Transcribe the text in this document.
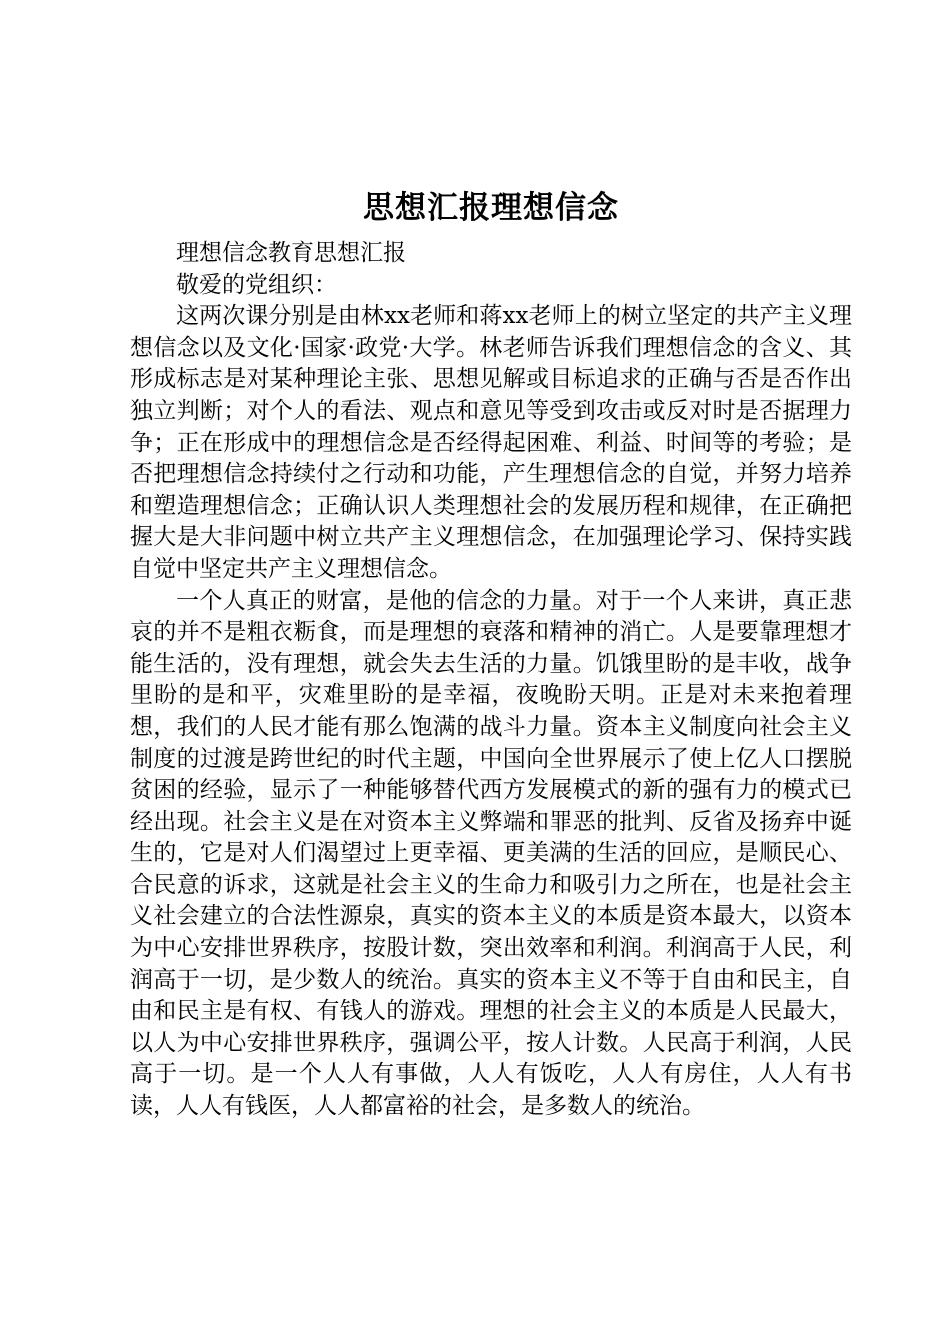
思想汇报理想信念

理想信念教育思想汇报

敬爱的党组织：

这两次课分别是由林xx老师和蒋xx老师上的树立坚定的共产主义理想信念以及文化·国家·政党·大学。林老师告诉我们理想信念的含义、其形成标志是对某种理论主张、思想见解或目标追求的正确与否是否作出独立判断；对个人的看法、观点和意见等受到攻击或反对时是否据理力争；正在形成中的理想信念是否经得起困难、利益、时间等的考验；是否把理想信念持续付之行动和功能，产生理想信念的自觉，并努力培养和塑造理想信念；正确认识人类理想社会的发展历程和规律，在正确把握大是大非问题中树立共产主义理想信念，在加强理论学习、保持实践自觉中坚定共产主义理想信念。

一个人真正的财富，是他的信念的力量。对于一个人来讲，真正悲哀的并不是粗衣粝食，而是理想的衰落和精神的消亡。人是要靠理想才能生活的，没有理想，就会失去生活的力量。饥饿里盼的是丰收，战争里盼的是和平，灾难里盼的是幸福，夜晚盼天明。正是对未来抱着理想，我们的人民才能有那么饱满的战斗力量。资本主义制度向社会主义制度的过渡是跨世纪的时代主题，中国向全世界展示了使上亿人口摆脱贫困的经验，显示了一种能够替代西方发展模式的新的强有力的模式已经出现。社会主义是在对资本主义弊端和罪恶的批判、反省及扬弃中诞生的，它是对人们渴望过上更幸福、更美满的生活的回应，是顺民心、合民意的诉求，这就是社会主义的生命力和吸引力之所在，也是社会主义社会建立的合法性源泉，真实的资本主义的本质是资本最大，以资本为中心安排世界秩序，按股计数，突出效率和利润。利润高于人民，利润高于一切，是少数人的统治。真实的资本主义不等于自由和民主，自由和民主是有权、有钱人的游戏。理想的社会主义的本质是人民最大，以人为中心安排世界秩序，强调公平，按人计数。人民高于利润，人民高于一切。是一个人人有事做，人人有饭吃，人人有房住，人人有书读，人人有钱医，人人都富裕的社会，是多数人的统治。
